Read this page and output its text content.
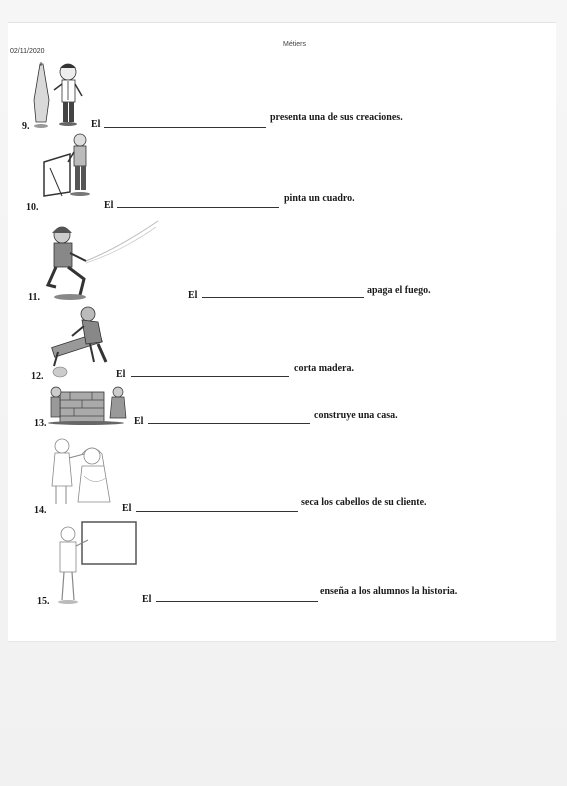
02/11/2020
Métiers
9.	El
presenta una de sus creaciones.
10.	El
pinta un cuadro.
11.	El	apaga el fuego.
12.	El
corta madera.
13.	El
construye una casa.
14.	El
seca los cabellos de su cliente.
15.	El
enseña a los alumnos la historia.
